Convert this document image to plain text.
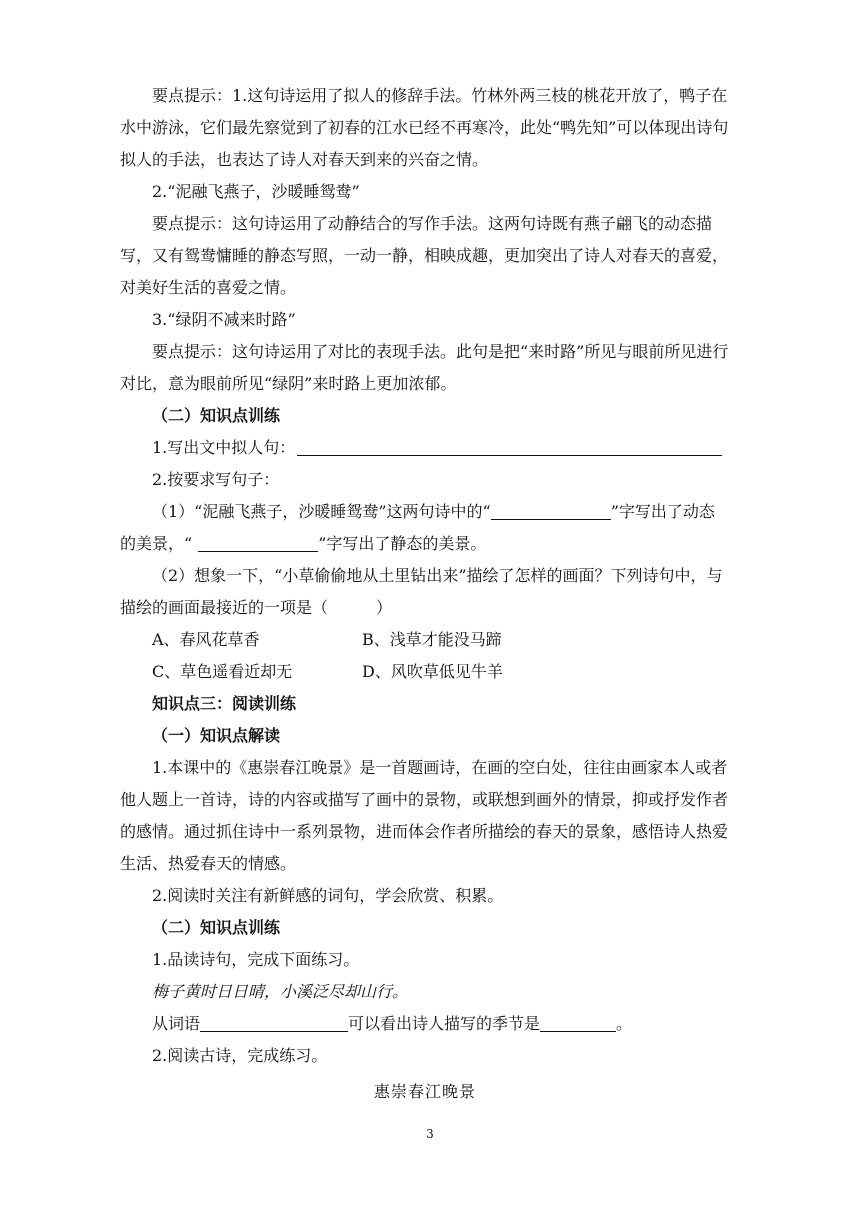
要点提示：1.这句诗运用了拟人的修辞手法。竹林外两三枝的桃花开放了，鸭子在水中游泳，它们最先察觉到了初春的江水已经不再寒冷，此处“鸭先知”可以体现出诗句拟人的手法，也表达了诗人对春天到来的兴奋之情。

2.“泥融飞燕子，沙暖睡鸳鸯”

要点提示：这句诗运用了动静结合的写作手法。这两句诗既有燕子翩飞的动态描写，又有鸳鸯慵睡的静态写照，一动一静，相映成趣，更加突出了诗人对春天的喜爱，对美好生活的喜爱之情。

3.“绿阴不减来时路”

要点提示：这句诗运用了对比的表现手法。此句是把“来时路”所见与眼前所见进行对比，意为眼前所见“绿阴”来时路上更加浓郁。

（二）知识点训练

1.写出文中拟人句：

2.按要求写句子：

（1）“泥融飞燕子，沙暖睡鸳鸯”这两句诗中的“	”字写出了动态的美景，“	”字写出了静态的美景。

（2）想象一下，“小草偷偷地从土里钻出来”描绘了怎样的画面？下列诗句中，与描绘的画面最接近的一项是（　　　）

A、春风花草香	B、浅草才能没马蹄
C、草色遥看近却无	D、风吹草低见牛羊

知识点三：阅读训练

（一）知识点解读

1.本课中的《惠崇春江晚景》是一首题画诗，在画的空白处，往往由画家本人或者他人题上一首诗，诗的内容或描写了画中的景物，或联想到画外的情景，抑或抒发作者的感情。通过抓住诗中一系列景物，进而体会作者所描绘的春天的景象，感悟诗人热爱生活、热爱春天的情感。

2.阅读时关注有新鲜感的词句，学会欣赏、积累。

（二）知识点训练

1.品读诗句，完成下面练习。

梅子黄时日日晴，小溪泛尽却山行。

从词语	可以看出诗人描写的季节是	。

2.阅读古诗，完成练习。

惠崇春江晚景

3
